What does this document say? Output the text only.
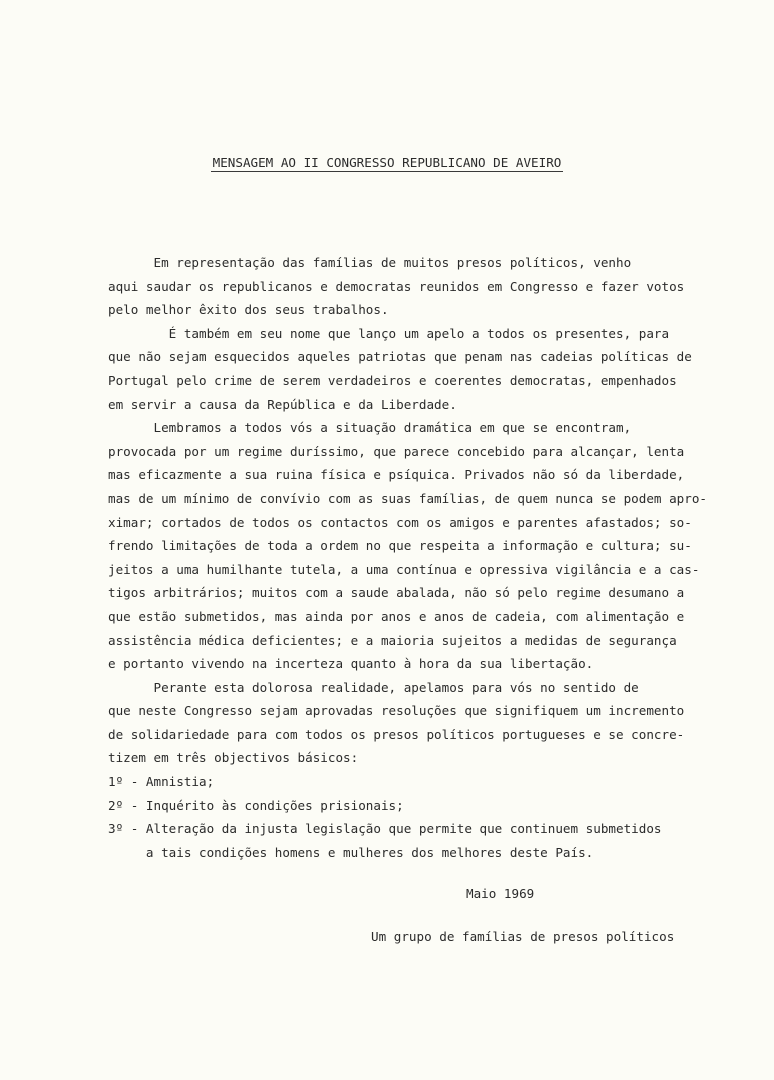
MENSAGEM AO II CONGRESSO REPUBLICANO DE AVEIRO
Em representação das famílias de muitos presos políticos, venho
aqui saudar os republicanos e democratas reunidos em Congresso e fazer votos
pelo melhor êxito dos seus trabalhos.
É também em seu nome que lanço um apelo a todos os presentes, para
que não sejam esquecidos aqueles patriotas que penam nas cadeias políticas de
Portugal pelo crime de serem verdadeiros e coerentes democratas, empenhados
em servir a causa da República e da Liberdade.
Lembramos a todos vós a situação dramática em que se encontram,
provocada por um regime duríssimo, que parece concebido para alcançar, lenta
mas eficazmente a sua ruina física e psíquica. Privados não só da liberdade,
mas de um mínimo de convívio com as suas famílias, de quem nunca se podem apro-
ximar; cortados de todos os contactos com os amigos e parentes afastados; so-
frendo limitações de toda a ordem no que respeita a informação e cultura; su-
jeitos a uma humilhante tutela, a uma contínua e opressiva vigilância e a cas-
tigos arbitrários; muitos com a saude abalada, não só pelo regime desumano a
que estão submetidos, mas ainda por anos e anos de cadeia, com alimentação e
assistência médica deficientes; e a maioria sujeitos a medidas de segurança
e portanto vivendo na incerteza quanto à hora da sua libertação.
Perante esta dolorosa realidade, apelamos para vós no sentido de
que neste Congresso sejam aprovadas resoluções que signifiquem um incremento
de solidariedade para com todos os presos políticos portugueses e se concre-
tizem em três objectivos básicos:
1º - Amnistia;
2º - Inquérito às condições prisionais;
3º - Alteração da injusta legislação que permite que continuem submetidos
a tais condições homens e mulheres dos melhores deste País.
Maio 1969
Um grupo de famílias de presos políticos
